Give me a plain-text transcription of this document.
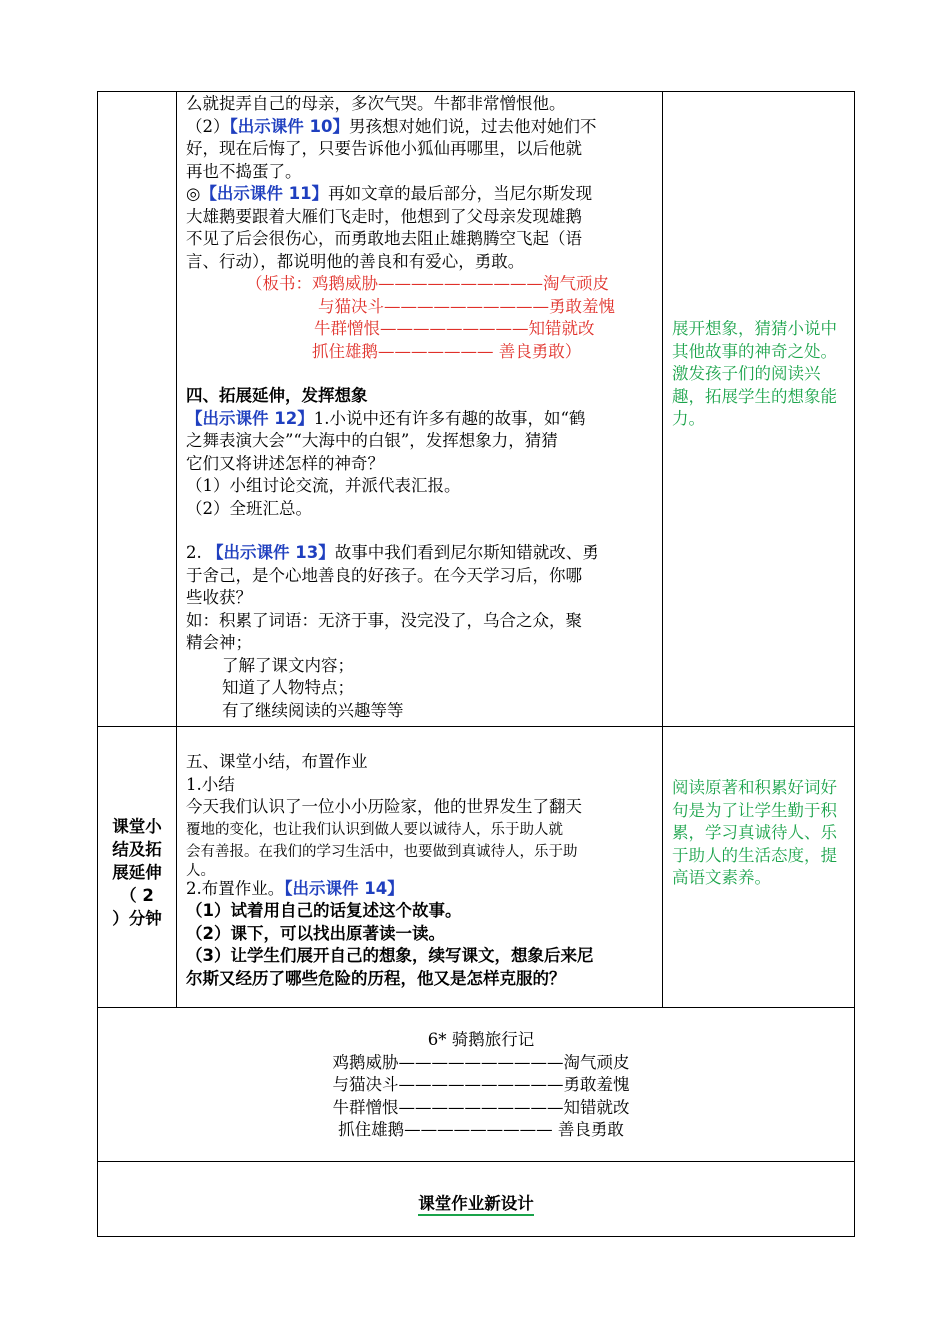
么就捉弄自己的母亲，多次气哭。牛都非常憎恨他。

（2）【出示课件 10】男孩想对她们说，过去他对她们不

好，现在后悔了，只要告诉他小狐仙再哪里，以后他就

再也不捣蛋了。

◎【出示课件 11】再如文章的最后部分，当尼尔斯发现

大雄鹅要跟着大雁们飞走时，他想到了父母亲发现雄鹅

不见了后会很伤心，而勇敢地去阻止雄鹅腾空飞起（语

言、行动），都说明他的善良和有爱心，勇敢。

（板书：鸡鹅威胁——————————淘气顽皮

与猫决斗——————————勇敢羞愧

牛群憎恨—————————知错就改

抓住雄鹅——————— 善良勇敢）

四、拓展延伸，发挥想象

【出示课件 12】1.小说中还有许多有趣的故事，如“鹤

之舞表演大会”“大海中的白银”，发挥想象力，猜猜

它们又将讲述怎样的神奇？

（1）小组讨论交流，并派代表汇报。

（2）全班汇总。

2. 【出示课件 13】故事中我们看到尼尔斯知错就改、勇

于舍己，是个心地善良的好孩子。在今天学习后，你哪

些收获？

如：积累了词语：无济于事，没完没了，乌合之众，聚

精会神；

了解了课文内容；

知道了人物特点；

有了继续阅读的兴趣等等

展开想象，猜猜小说中其他故事的神奇之处。激发孩子们的阅读兴趣，拓展学生的想象能力。

课堂小
结及拓
展延伸
（ 2
）分钟

五、课堂小结，布置作业

1.小结

今天我们认识了一位小小历险家，他的世界发生了翻天

覆地的变化，也让我们认识到做人要以诚待人，乐于助人就

会有善报。在我们的学习生活中，也要做到真诚待人，乐于助

人。

2.布置作业。【出示课件 14】

（1）试着用自己的话复述这个故事。

（2）课下，可以找出原著读一读。

（3）让学生们展开自己的想象，续写课文，想象后来尼

尔斯又经历了哪些危险的历程，他又是怎样克服的？

阅读原著和积累好词好句是为了让学生勤于积累，学习真诚待人、乐于助人的生活态度，提高语文素养。

6* 骑鹅旅行记

鸡鹅威胁——————————淘气顽皮

与猫决斗——————————勇敢羞愧

牛群憎恨——————————知错就改

抓住雄鹅————————— 善良勇敢

课堂作业新设计
